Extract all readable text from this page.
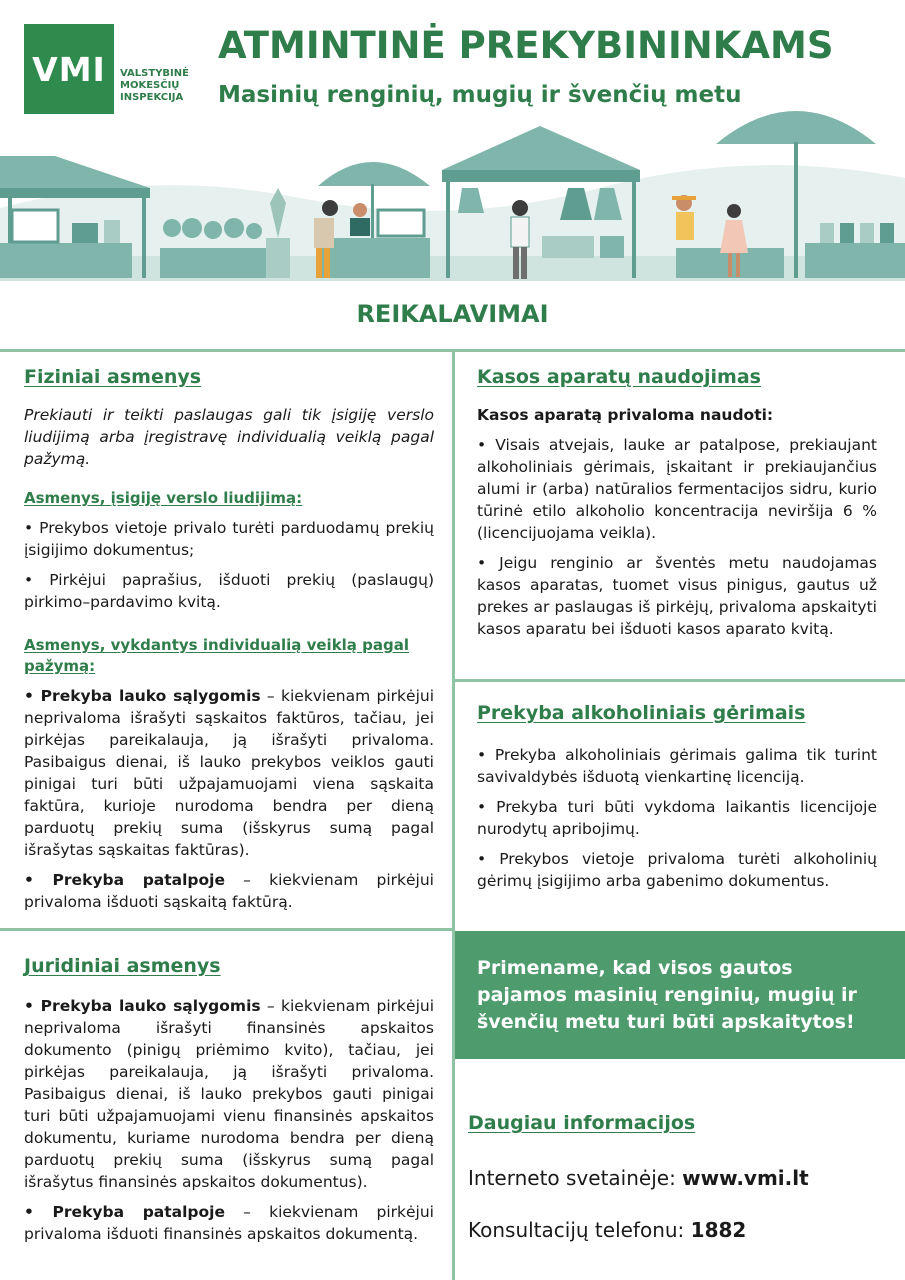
VMI VALSTYBINĖ
MOKESČIŲ
INSPEKCIJA
ATMINTINĖ PREKYBININKAMS
Masinių renginių, mugių ir švenčių metu
REIKALAVIMAI
Fiziniai asmenys

Prekiauti ir teikti paslaugas gali tik įsigiję verslo liudijimą arba įregistravę individualią veiklą pagal pažymą.

Asmenys, įsigiję verslo liudijimą:

• Prekybos vietoje privalo turėti parduodamų prekių įsigijimo dokumentus;

• Pirkėjui paprašius, išduoti prekių (paslaugų) pirkimo–pardavimo kvitą.

Asmenys, vykdantys individualią veiklą pagal pažymą:

• Prekyba lauko sąlygomis – kiekvienam pirkėjui neprivaloma išrašyti sąskaitos faktūros, tačiau, jei pirkėjas pareikalauja, ją išrašyti privaloma. Pasibaigus dienai, iš lauko prekybos veiklos gauti pinigai turi būti užpajamuojami viena sąskaita faktūra, kurioje nurodoma bendra per dieną parduotų prekių suma (išskyrus sumą pagal išrašytas sąskaitas faktūras).

• Prekyba patalpoje – kiekvienam pirkėjui privaloma išduoti sąskaitą faktūrą.

Kasos aparatų naudojimas

Kasos aparatą privaloma naudoti:

• Visais atvejais, lauke ar patalpose, prekiaujant alkoholiniais gėrimais, įskaitant ir prekiaujančius alumi ir (arba) natūralios fermentacijos sidru, kurio tūrinė etilo alkoholio koncentracija neviršija 6 % (licencijuojama veikla).

• Jeigu renginio ar šventės metu naudojamas kasos aparatas, tuomet visus pinigus, gautus už prekes ar paslaugas iš pirkėjų, privaloma apskaityti kasos aparatu bei išduoti kasos aparato kvitą.

Prekyba alkoholiniais gėrimais

• Prekyba alkoholiniais gėrimais galima tik turint savivaldybės išduotą vienkartinę licenciją.

• Prekyba turi būti vykdoma laikantis licencijoje nurodytų apribojimų.

• Prekybos vietoje privaloma turėti alkoholinių gėrimų įsigijimo arba gabenimo dokumentus.

Juridiniai asmenys

• Prekyba lauko sąlygomis – kiekvienam pirkėjui neprivaloma išrašyti finansinės apskaitos dokumento (pinigų priėmimo kvito), tačiau, jei pirkėjas pareikalauja, ją išrašyti privaloma. Pasibaigus dienai, iš lauko prekybos gauti pinigai turi būti užpajamuojami vienu finansinės apskaitos dokumentu, kuriame nurodoma bendra per dieną parduotų prekių suma (išskyrus sumą pagal išrašytus finansinės apskaitos dokumentus).

• Prekyba patalpoje – kiekvienam pirkėjui privaloma išduoti finansinės apskaitos dokumentą.

Primename, kad visos gautos pajamos masinių renginių, mugių ir švenčių metu turi būti apskaitytos!
Daugiau informacijos
Interneto svetainėje: www.vmi.lt
Konsultacijų telefonu: 1882
